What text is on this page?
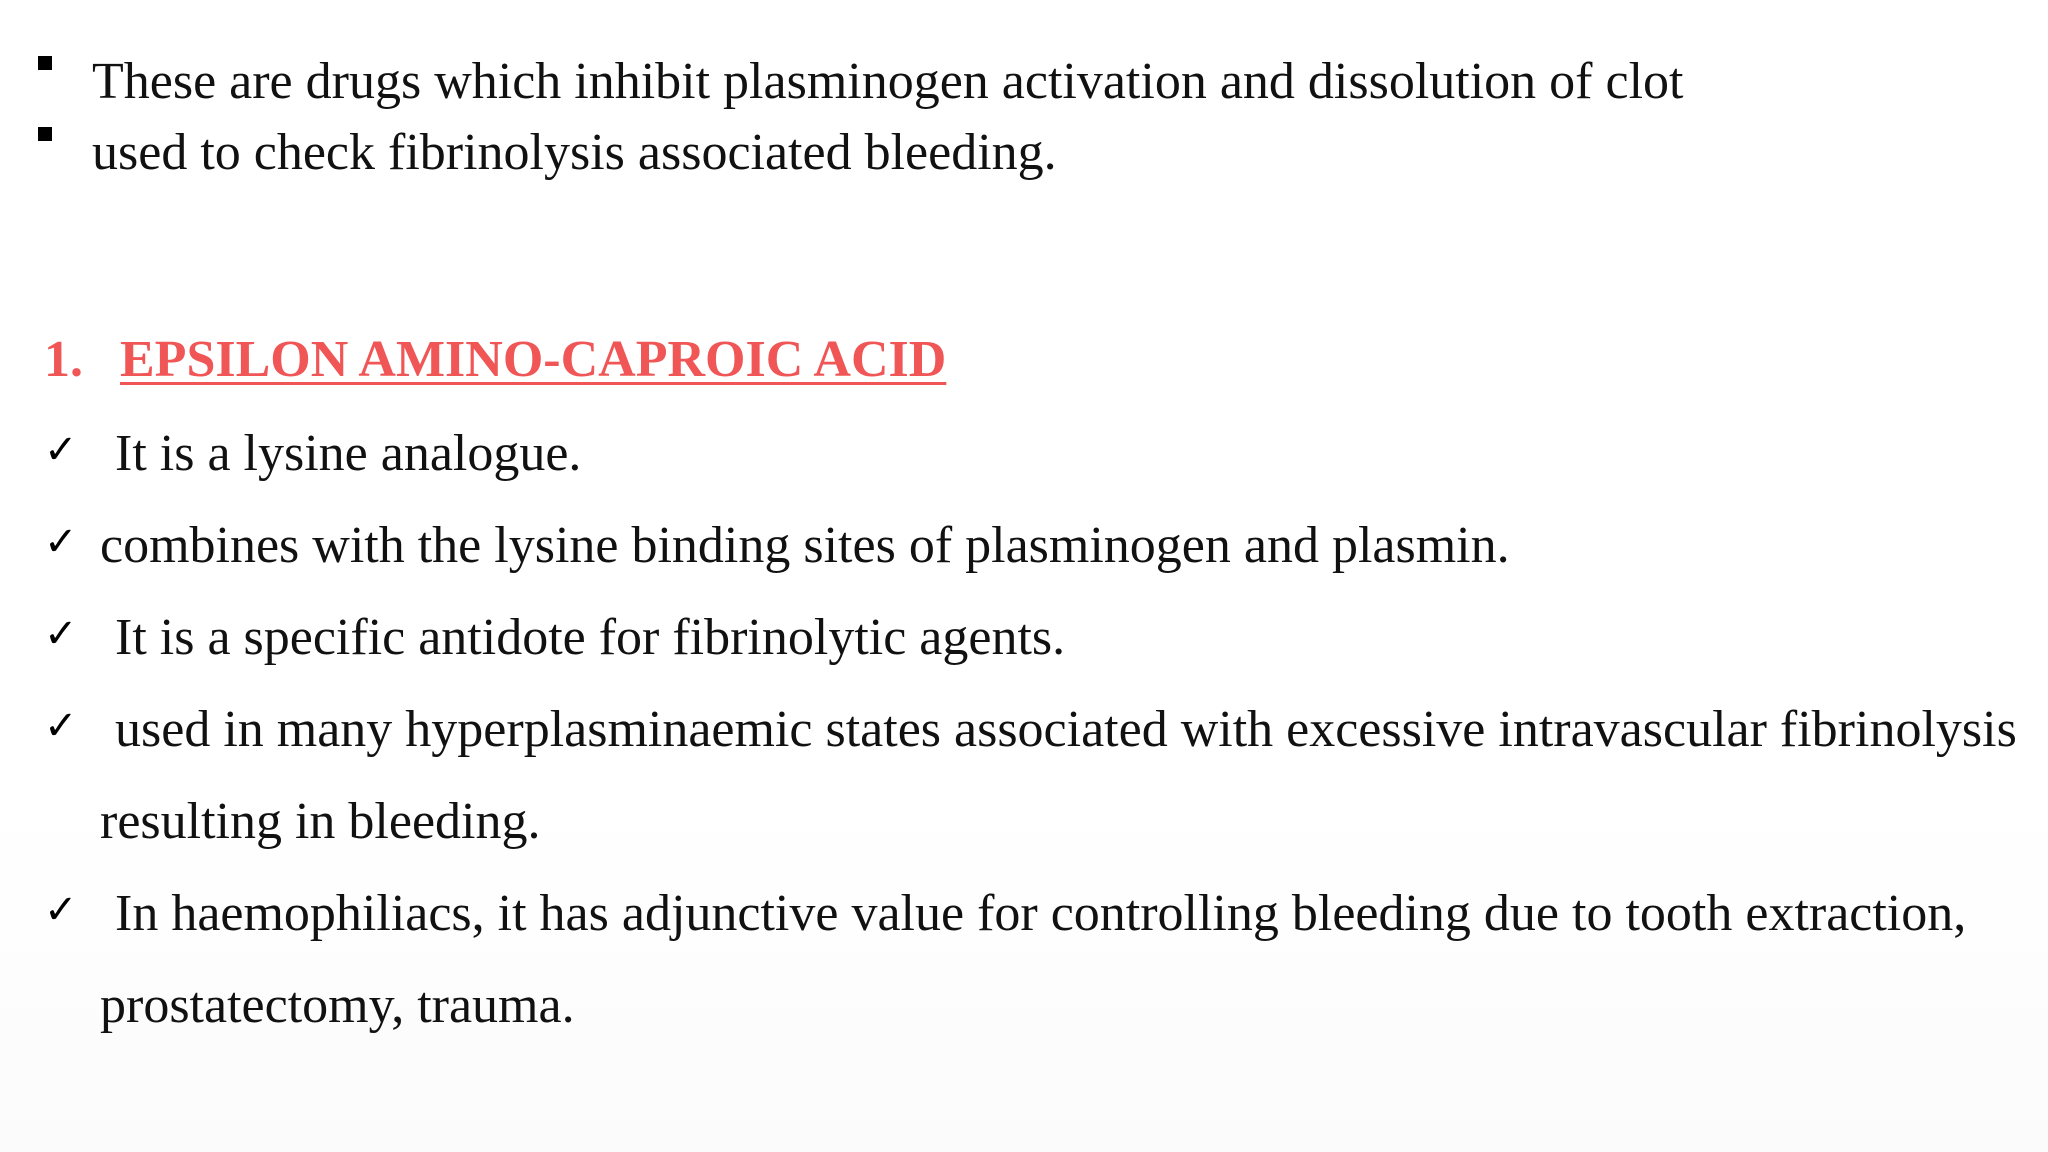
These are drugs which inhibit plasminogen activation and dissolution of clot
used to check fibrinolysis associated bleeding.
1. EPSILON AMINO-CAPROIC ACID
✓ It is a lysine analogue.
✓ combines with the lysine binding sites of plasminogen and plasmin.
✓ It is a specific antidote for fibrinolytic agents.
✓ used in many hyperplasminaemic states associated with excessive intravascular fibrinolysis
resulting in bleeding.
✓ In haemophiliacs, it has adjunctive value for controlling bleeding due to tooth extraction,
prostatectomy, trauma.
